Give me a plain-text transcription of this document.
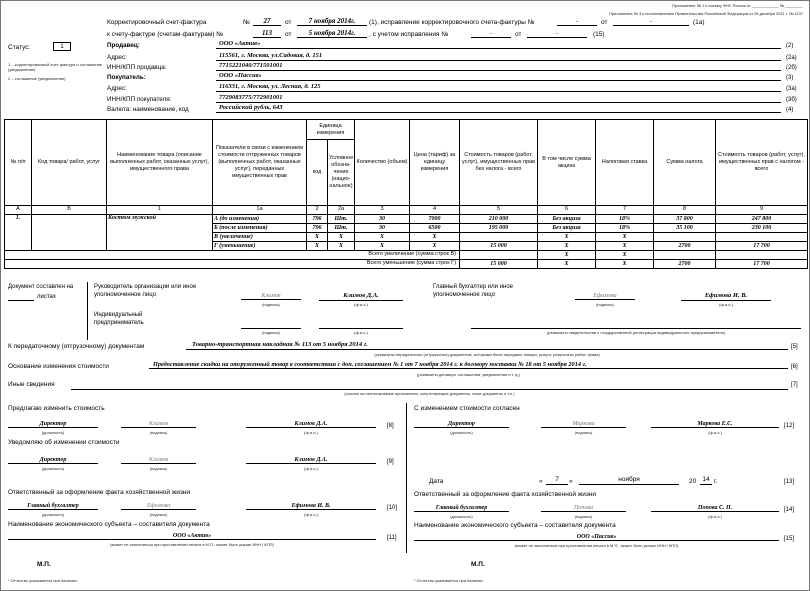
Приложение № 1 к письму ФНС России от ____________ № ________
Приложение № 3 к постановлению Правительства Российской Федерации от 26 декабря 2011 г. № 1137
Корректировочный счет-фактура	№	27	от	7 ноября 2014г.	(1), исправление корректировочного счета-фактуры №	-	от	-	(1а)
к счету-фактуре (счетам-фактурам) №	113	от	5 ноября 2014г.	, с учетом исправления №	-	от	-	(15)
Статус:	1
1 – корректировочный счет-фактура и соглашение (уведомление)
2 – соглашение (уведомление)
Продавец:	ООО «Актив»	(2)
Адрес:	115561, г. Москва, ул.Садовая, д. 151	(2а)
ИНН/КПП продавца:	7715221040/771501001	(2б)
Покупатель:	ООО «Пассив»	(3)
Адрес:	116331, г. Москва, ул. Лесная, д. 125	(3а)
ИНН/КПП покупателя:	7729083775/772901001	(3б)
Валюта: наименование, код	Российский рубль, 643	(4)
№ п/п	Код товара/ работ, услуг	Наименование товара (описание выполненных работ, оказанных услуг), имущественного права	Показатели в связи с изменением стоимости отгруженных товаров (выполненных работ, оказанных услуг), переданных имущественных прав	Единица измерения		Количество (объем)	Цена (тариф) за единицу измерения	Стоимость товаров (работ, услуг), имущественных прав без налога - всего	В том числе сумма акциза	Налоговая ставка	Сумма налога	Стоимость товаров (работ, услуг), имущественных прав с налогом - всего
				код	Условное обозна-чение (нацио-нальное)							
А	Б	1	1а	2	2а	3	4	5	6	7	8	9
1.		Костюм мужской	А (до изменения)	796	Шт.	30	7000	210 000	Без акциза	18%	37 800	247 800
			Б (после изменения)	796	Шт.	30	6500	195 000	Без акциза	18%	35 100	230 100
			В (увеличение)	X	X	X	X		X	X		
			Г (уменьшение)	X	X	X	X	15 000	X	X	2700	17 700
Всего увеличение (сумма строк В)									X	X		
Всего уменьшение (сумма строк Г)								15 000	X	X	2700	17 700
Документ составлен на
листах
Руководитель организации или иное уполномоченное лицо	Климов	Климов Д.А.
(подпись)	(ф.и.о.)
Главный бухгалтер или иное уполномоченное лицо	Ефимова	Ефимова И. В.
(подпись)	(ф.и.о.)
Индивидуальный предприниматель
(подпись)	(ф.и.о.)	(реквизиты свидетельства о государственной регистрации индивидуального предпринимателя)
К передаточному (отгрузочному) документам	Товарно-транспортная накладная № 113 от 5 ноября 2014 г.	[5]
(реквизиты передаточных (отгрузочных) документов, которыми были переданы товары, услуги, результаты работ, права)
Основание изменения стоимости	Предоставление скидки на отгруженный товар в соответствии с доп. соглашением № 1 от 7 ноября 2014 г. к договору поставки № 18 от 5 ноября 2014 г.	[6]
(реквизиты договора, соглашения, уведомления и т. д.)
Иные сведения	[7]
(ссылки на неотъемлемые приложения, сопутствующие документы, иные документы и т.п.)
Предлагаю изменить стоимость
Директор	Климов	Климов Д.А.	[8]
(должность)	(подпись)	(ф.и.о.)
Уведомляю об изменении стоимости
Директор	Климов	Климов Д.А.	[9]
(должность)	(подпись)	(ф.и.о.)
Ответственный за оформление факта хозяйственной жизни
Главный бухгалтер	Ефимова	Ефимова И. В.	[10]
(должность)	(подпись)	(ф.и.о.)
Наименование экономического субъекта – составителя документа
ООО «Актив»	[11]
(может не заполняться при проставлении печати в М.П., может быть указан ИНН / КПП)
М.П.
* Отчество указывается при наличии.
С изменением стоимости согласен
Директор	Маркова	Маркова Е.С.	[12]
(должность)	(подпись)	(ф.и.о.)
Дата	«	7	»	ноября	20 14 г.	[13]
Ответственный за оформление факта хозяйственной жизни
Главный бухгалтер	Попова	Попова С. П.	[14]
(должность)	(подпись)	(ф.и.о.)
Наименование экономического субъекта – составителя документа
ООО «Пассив»	[15]
(может не заполняться при проставлении печати в М.П., может быть указан ИНН / КПП)
М.П.
* Отчество указывается при наличии.
